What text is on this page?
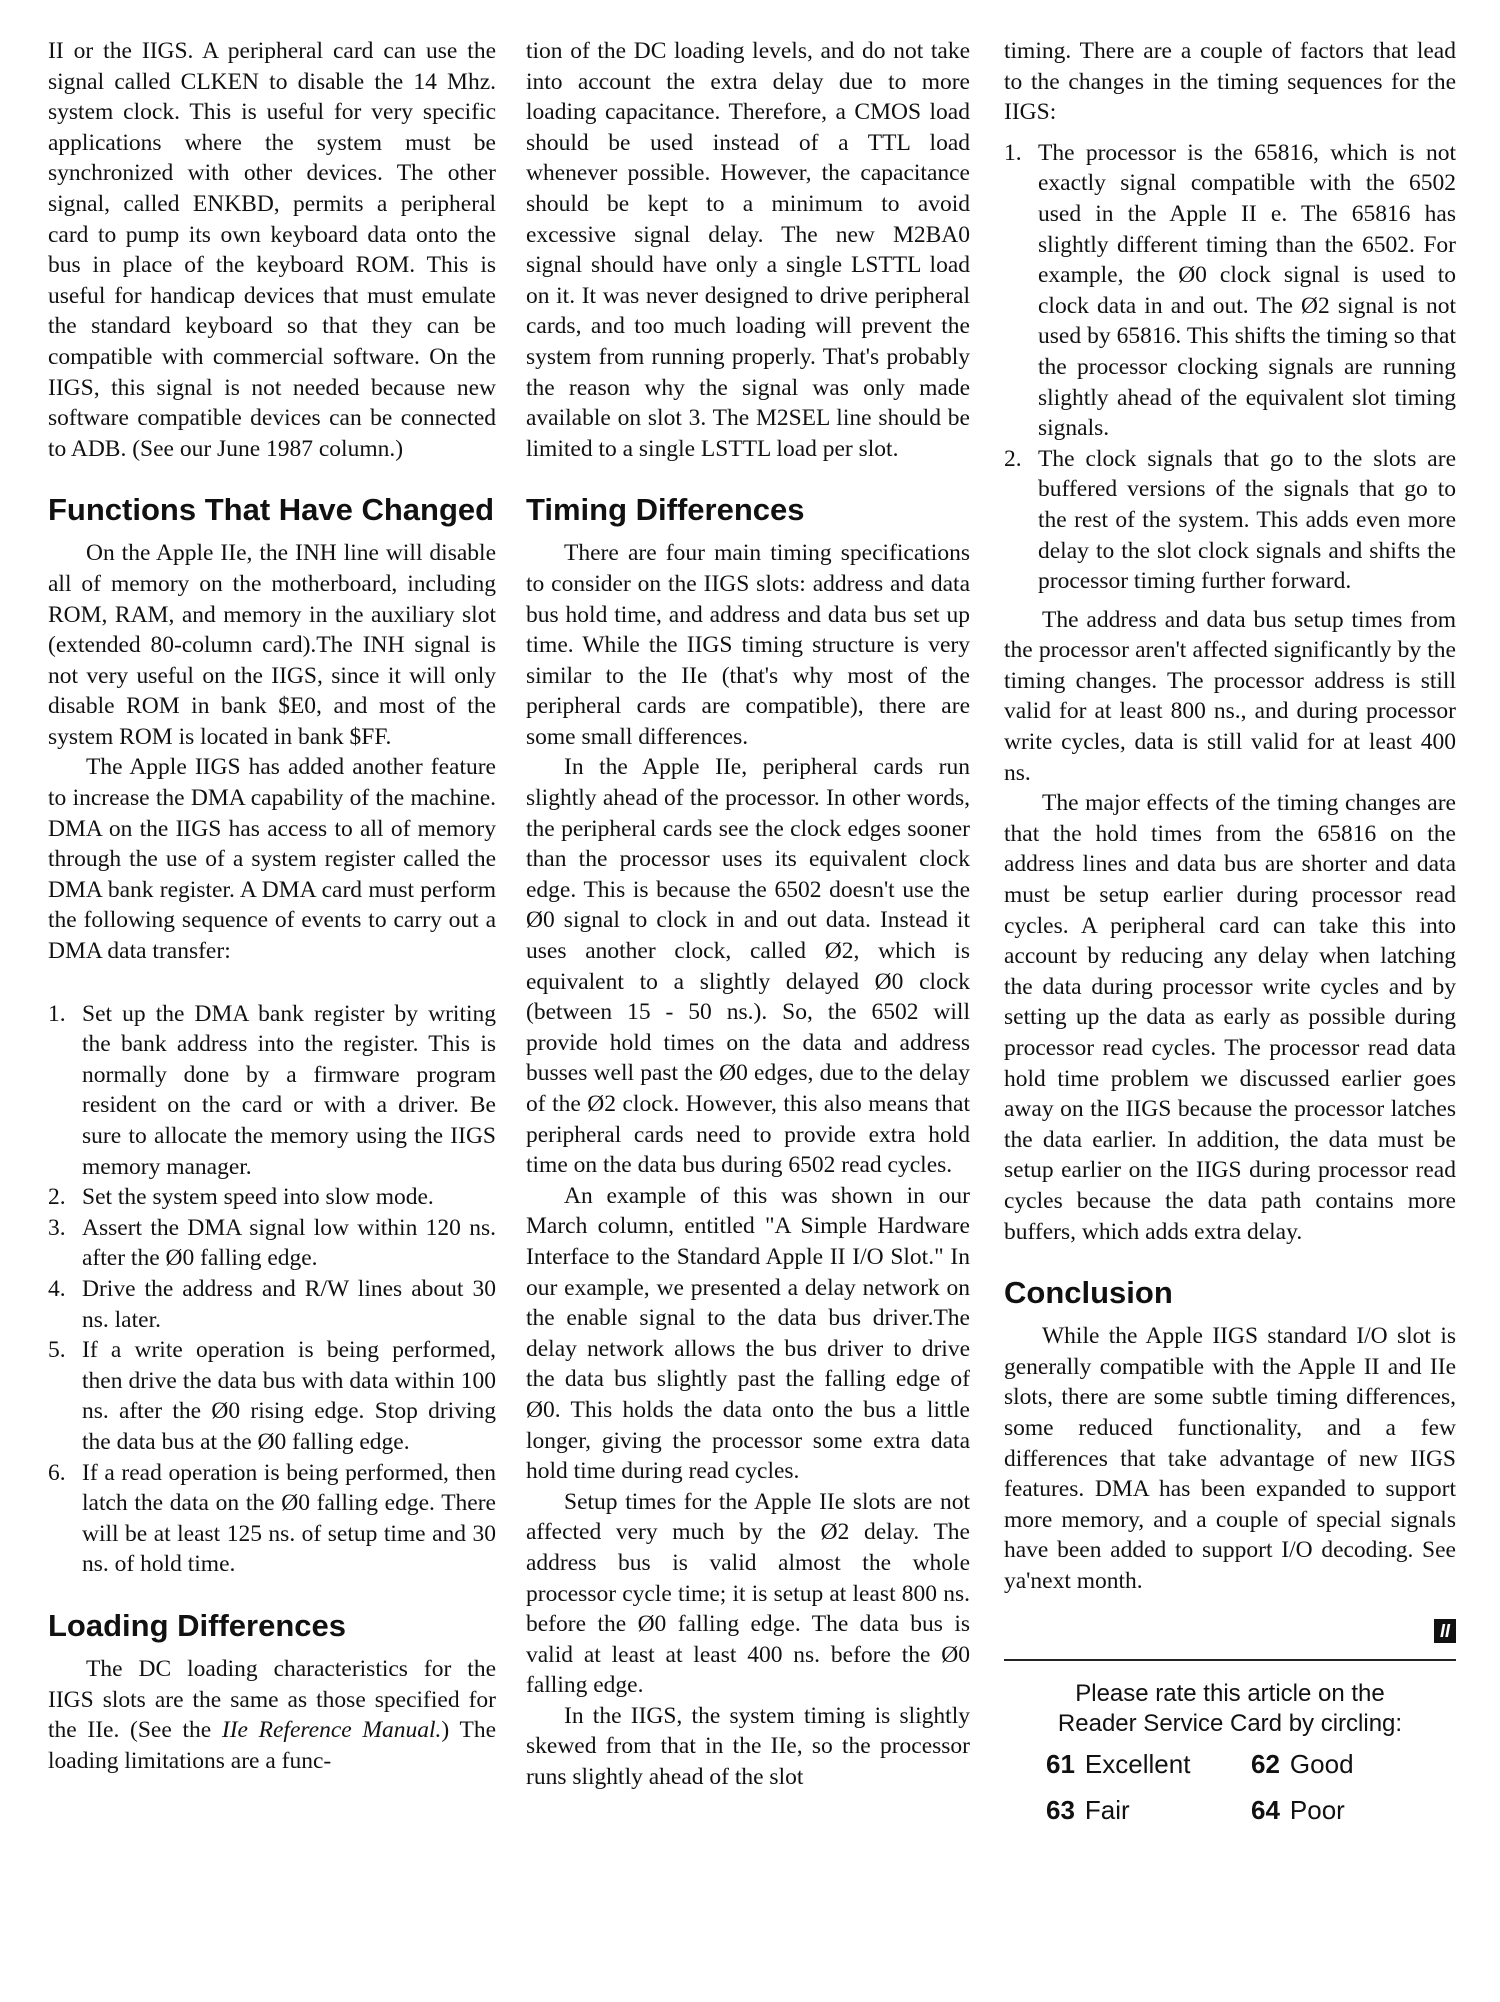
II or the IIGS. A peripheral card can use the signal called CLKEN to disable the 14 Mhz. system clock. This is useful for very specific applications where the system must be synchronized with other devices. The other signal, called ENKBD, permits a peripheral card to pump its own keyboard data onto the bus in place of the keyboard ROM. This is useful for handicap devices that must emulate the standard keyboard so that they can be compatible with commercial software. On the IIGS, this signal is not needed because new software compatible devices can be connected to ADB. (See our June 1987 column.)

Functions That Have Changed

On the Apple IIe, the INH line will disable all of memory on the motherboard, including ROM, RAM, and memory in the auxiliary slot (extended 80-column card).The INH signal is not very useful on the IIGS, since it will only disable ROM in bank $E0, and most of the system ROM is located in bank $FF.

The Apple IIGS has added another feature to increase the DMA capability of the machine. DMA on the IIGS has access to all of memory through the use of a system register called the DMA bank register. A DMA card must perform the following sequence of events to carry out a DMA data transfer:

1. Set up the DMA bank register by writing the bank address into the register. This is normally done by a firmware program resident on the card or with a driver. Be sure to allocate the memory using the IIGS memory manager.
2. Set the system speed into slow mode.
3. Assert the DMA signal low within 120 ns. after the Ø0 falling edge.
4. Drive the address and R/W lines about 30 ns. later.
5. If a write operation is being performed, then drive the data bus with data within 100 ns. after the Ø0 rising edge. Stop driving the data bus at the Ø0 falling edge.
6. If a read operation is being performed, then latch the data on the Ø0 falling edge. There will be at least 125 ns. of setup time and 30 ns. of hold time.
Loading Differences

The DC loading characteristics for the IIGS slots are the same as those specified for the IIe. (See the IIe Reference Manual.) The loading limitations are a func-

tion of the DC loading levels, and do not take into account the extra delay due to more loading capacitance. Therefore, a CMOS load should be used instead of a TTL load whenever possible. However, the capacitance should be kept to a minimum to avoid excessive signal delay. The new M2BA0 signal should have only a single LSTTL load on it. It was never designed to drive peripheral cards, and too much loading will prevent the system from running properly. That's probably the reason why the signal was only made available on slot 3. The M2SEL line should be limited to a single LSTTL load per slot.

Timing Differences

There are four main timing specifications to consider on the IIGS slots: address and data bus hold time, and address and data bus set up time. While the IIGS timing structure is very similar to the IIe (that's why most of the peripheral cards are compatible), there are some small differences.

In the Apple IIe, peripheral cards run slightly ahead of the processor. In other words, the peripheral cards see the clock edges sooner than the processor uses its equivalent clock edge. This is because the 6502 doesn't use the Ø0 signal to clock in and out data. Instead it uses another clock, called Ø2, which is equivalent to a slightly delayed Ø0 clock (between 15 - 50 ns.). So, the 6502 will provide hold times on the data and address busses well past the Ø0 edges, due to the delay of the Ø2 clock. However, this also means that peripheral cards need to provide extra hold time on the data bus during 6502 read cycles.

An example of this was shown in our March column, entitled "A Simple Hardware Interface to the Standard Apple II I/O Slot." In our example, we presented a delay network on the enable signal to the data bus driver.The delay network allows the bus driver to drive the data bus slightly past the falling edge of Ø0. This holds the data onto the bus a little longer, giving the processor some extra data hold time during read cycles.

Setup times for the Apple IIe slots are not affected very much by the Ø2 delay. The address bus is valid almost the whole processor cycle time; it is setup at least 800 ns. before the Ø0 falling edge. The data bus is valid at least at least 400 ns. before the Ø0 falling edge.

In the IIGS, the system timing is slightly skewed from that in the IIe, so the processor runs slightly ahead of the slot

timing. There are a couple of factors that lead to the changes in the timing sequences for the IIGS:

1. The processor is the 65816, which is not exactly signal compatible with the 6502 used in the Apple II e. The 65816 has slightly different timing than the 6502. For example, the Ø0 clock signal is used to clock data in and out. The Ø2 signal is not used by 65816. This shifts the timing so that the processor clocking signals are running slightly ahead of the equivalent slot timing signals.
2. The clock signals that go to the slots are buffered versions of the signals that go to the rest of the system. This adds even more delay to the slot clock signals and shifts the processor timing further forward.

The address and data bus setup times from the processor aren't affected significantly by the timing changes. The processor address is still valid for at least 800 ns., and during processor write cycles, data is still valid for at least 400 ns.

The major effects of the timing changes are that the hold times from the 65816 on the address lines and data bus are shorter and data must be setup earlier during processor read cycles. A peripheral card can take this into account by reducing any delay when latching the data during processor write cycles and by setting up the data as early as possible during processor read cycles. The processor read data hold time problem we discussed earlier goes away on the IIGS because the processor latches the data earlier. In addition, the data must be setup earlier on the IIGS during processor read cycles because the data path contains more buffers, which adds extra delay.

Conclusion

While the Apple IIGS standard I/O slot is generally compatible with the Apple II and IIe slots, there are some subtle timing differences, some reduced functionality, and a few differences that take advantage of new IIGS features. DMA has been expanded to support more memory, and a couple of special signals have been added to support I/O decoding. See ya'next month.

II
Please rate this article on the
Reader Service Card by circling:
61 Excellent	62 Good
63 Fair	64 Poor
